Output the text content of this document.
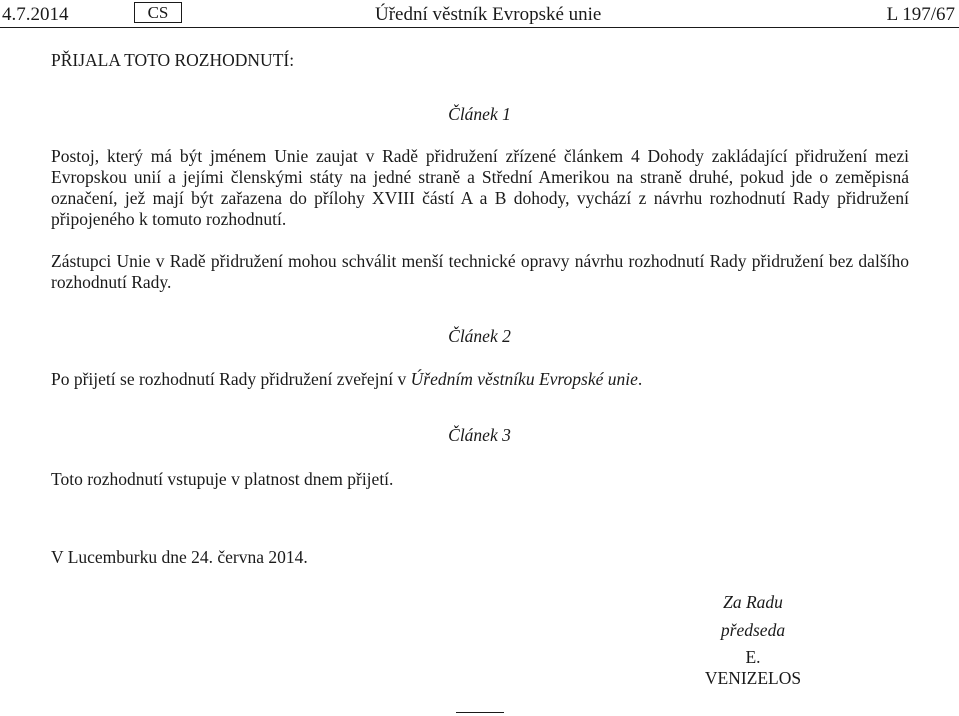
4.7.2014	CS	Úřední věstník Evropské unie	L 197/67
PŘIJALA TOTO ROZHODNUTÍ:
Článek 1
Postoj, který má být jménem Unie zaujat v Radě přidružení zřízené článkem 4 Dohody zakládající přidružení mezi Evropskou unií a jejími členskými státy na jedné straně a Střední Amerikou na straně druhé, pokud jde o zeměpisná označení, jež mají být zařazena do přílohy XVIII částí A a B dohody, vychází z návrhu rozhodnutí Rady přidružení připojeného k tomuto rozhodnutí.
Zástupci Unie v Radě přidružení mohou schválit menší technické opravy návrhu rozhodnutí Rady přidružení bez dalšího rozhodnutí Rady.
Článek 2
Po přijetí se rozhodnutí Rady přidružení zveřejní v Úředním věstníku Evropské unie.
Článek 3
Toto rozhodnutí vstupuje v platnost dnem přijetí.
V Lucemburku dne 24. června 2014.
Za Radu
předseda
E. VENIZELOS
